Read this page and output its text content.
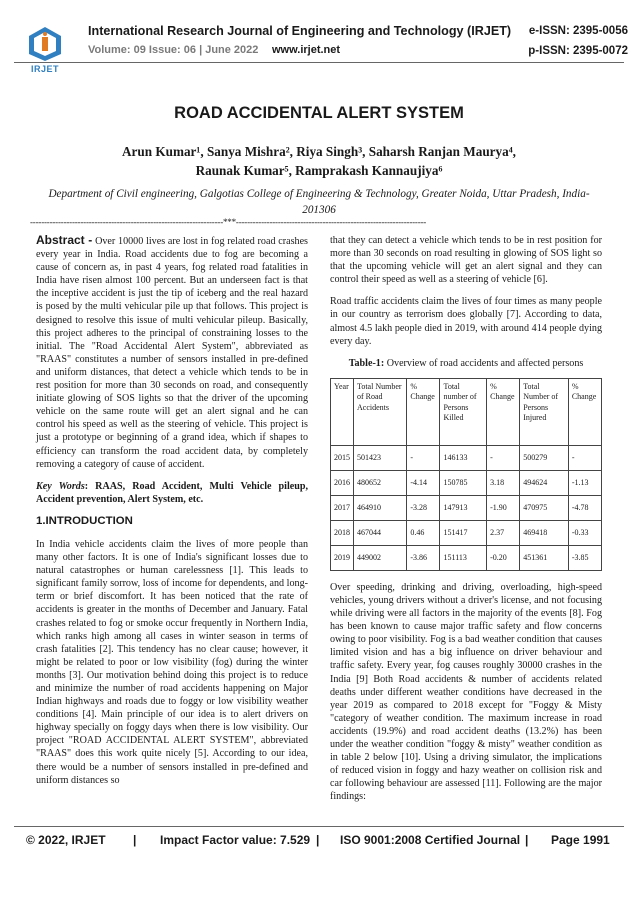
IRJET
International Research Journal of Engineering and Technology (IRJET) e-ISSN: 2395-0056
Volume: 09 Issue: 06 | June 2022 www.irjet.net	p-ISSN: 2395-0072
ROAD ACCIDENTAL ALERT SYSTEM
Arun Kumar¹, Sanya Mishra², Riya Singh³, Saharsh Ranjan Maurya⁴,
Raunak Kumar⁵, Ramprakash Kannaujiya⁶
Department of Civil engineering, Galgotias College of Engineering & Technology, Greater Noida, Uttar Pradesh, India-201306
---------------------------------------------------------------------***--------------------------------------------------------------------

Abstract - Over 10000 lives are lost in fog related road crashes every year in India. Road accidents due to fog are becoming a cause of concern as, in past 4 years, fog related road fatalities in India have risen almost 100 percent. But an underseen fact is that the inceptive accident is just the tip of iceberg and the real hazard is posed by the multi vehicular pile up that follows. This project is designed to resolve this issue of multi vehicular pileup. Basically, this project adheres to the principal of constraining losses to the initial. The "Road Accidental Alert System", abbreviated as "RAAS" constitutes a number of sensors installed in pre-defined and uniform distances, that detect a vehicle which tends to be in rest position for more than 30 seconds on road, and consequently initiate glowing of SOS lights so that the driver of the upcoming vehicle on the same route will get an alert signal and he can control his speed as well as the steering of vehicle. This project is just a prototype or beginning of a grand idea, which if shapes to efficiency can transform the road accident data, by completely removing a category of cause of accident.

Key Words: RAAS, Road Accident, Multi Vehicle pileup, Accident prevention, Alert System, etc.

1.INTRODUCTION

In India vehicle accidents claim the lives of more people than many other factors. It is one of India's significant losses due to natural catastrophes or human carelessness [1]. This leads to significant family sorrow, loss of income for dependents, and long-term or brief discomfort. It has been noticed that the rate of accidents is greater in the months of December and January. Fatal crashes related to fog or smoke occur frequently in Northern India, which ranks high among all cases in winter season in terms of crash fatalities [2]. This tendency has no clear cause; however, it might be related to poor or low visibility (fog) during the winter months [3]. Our motivation behind doing this project is to reduce and minimize the number of road accidents happening on Major Indian highways and roads due to foggy or low visibility weather conditions [4]. Main principle of our idea is to alert drivers on highway specially on foggy days when there is low visibility. Our project "ROAD ACCIDENTAL ALERT SYSTEM", abbreviated "RAAS" does this work quite nicely [5]. According to our idea, there would be a number of sensors installed in pre-defined and uniform distances so

that they can detect a vehicle which tends to be in rest position for more than 30 seconds on road resulting in glowing of SOS light so that the upcoming vehicle will get an alert signal and they can control their speed as well as a steering of vehicle [6].

Road traffic accidents claim the lives of four times as many people in our country as terrorism does globally [7]. According to data, almost 4.5 lakh people died in 2019, with around 414 people dying every day.

Table-1: Overview of road accidents and affected persons
Year	Total Number of Road Accidents	% Change	Total number of Persons Killed	% Change	Total Number of Persons Injured	% Change
2015	501423	-	146133	-	500279	-
2016	480652	-4.14	150785	3.18	494624	-1.13
2017	464910	-3.28	147913	-1.90	470975	-4.78
2018	467044	0.46	151417	2.37	469418	-0.33
2019	449002	-3.86	151113	-0.20	451361	-3.85

Over speeding, drinking and driving, overloading, high-speed vehicles, young drivers without a driver's license, and not focusing while driving were all factors in the majority of the events [8]. Fog has been known to cause major traffic safety and flow concerns owing to poor visibility. Fog is a bad weather condition that causes limited vision and has a big influence on driver behaviour and traffic safety. Every year, fog causes roughly 30000 crashes in the India [9] Both Road accidents & number of accidents related deaths under different weather conditions have decreased in the year 2019 as compared to 2018 except for "Foggy & Misty "category of weather condition. The maximum increase in road accidents (19.9%) and road accident deaths (13.2%) has been under the weather condition "foggy & misty" weather condition as in table 2 below [10]. Using a driving simulator, the implications of reduced vision in foggy and hazy weather on collision risk and car following behaviour are assessed [11]. Following are the major findings:

© 2022, IRJET | Impact Factor value: 7.529 | ISO 9001:2008 Certified Journal | Page 1991
